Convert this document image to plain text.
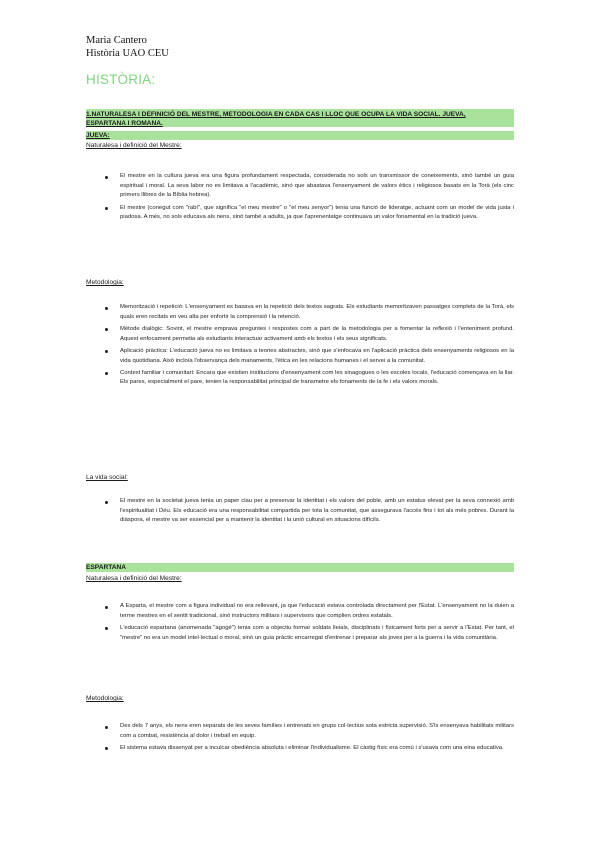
Maria Cantero
Història UAO CEU
HISTÒRIA:
1.NATURALESA I DEFINICIÓ DEL MESTRE, METODOLOGIA EN CADA CAS I LLOC QUE OCUPA LA VIDA SOCIAL. JUEVA,
ESPARTANA I ROMANA.
JUEVA:
Naturalesa i definició del Mestre:
El mestre en la cultura jueva era una figura profundament respectada, considerada no sols un transmissor de coneixements, sinó també un guia espiritual i moral. La seva labor no es limitava a l'acadèmic, sinó que abastava l'ensenyament de valors ètics i religiosos basats en la Torà (els cinc primers llibres de la Bíblia hebrea).
El mestre (conegut com "rabí", que significa "el meu mestre" o "el meu senyor") tenia una funció de lideratge, actuant com un model de vida justa i piadosa. A més, no sols educava als nens, sinó també a adults, ja que l'aprenentatge continuava un valor fonamental en la tradició jueva.
Metodologia:
Memorització i repetició: L'ensenyament es basava en la repetició dels textos sagrats. Els estudiants memoritzaven passatges complets de la Torà, els quals eren recitats en veu alta per enfortir la comprensió i la retenció.
Mètode dialògic: Sovint, el mestre emprava preguntes i respostes com a part de la metodologia per a fomentar la reflexió i l'enteniment profund. Aquest enfocament permetia als estudiants interactuar activament amb els textos i els seus significats.
Aplicació pràctica: L'educació jueva no es limitava a teories abstractes, sinó que s'enfocava en l'aplicació pràctica dels ensenyaments religiosos en la vida quotidiana. Això incloïa l'observança dels manaments, l'ètica en les relacions humanes i el servei a la comunitat.
Context familiar i comunitari: Encara que existien institucions d'ensenyament com les sinagogues o les escoles locals, l'educació començava en la llar. Els pares, especialment el pare, tenien la responsabilitat principal de transmetre els fonaments de la fe i els valors morals.
La vida social:
El mestre en la societat jueva tenia un paper clau per a preservar la identitat i els valors del poble, amb un estatus elevat per la seva connexió amb l'espiritualitat i Déu. Els educació era una responsabilitat compartida per tota la comunitat, que assegurava l'accés fins i tot als més pobres. Durant la diàspora, el mestre va ser essencial per a mantenir la identitat i la unió cultural en situacions difícils.
ESPARTANA
Naturalesa i definició del Mestre:
A Esparta, el mestre com a figura individual no era rellevant, ja que l'educació estava controlada directament per l'Estat. L'ensenyament no la duien a terme mestres en el sentit tradicional, sinó instructors militars i supervisors que complien ordres estatals.
L'educació espartana (anomenada "agogé") tenia com a objectiu formar soldats lleials, disciplinats i físicament forts per a servir a l'Estat. Per tant, el "mestre" no era un model intel·lectual o moral, sinó un guia pràctic encarregat d'entrenar i preparar als joves per a la guerra i la vida comunitària.
Metodologia:
Des dels 7 anys, els nens eren separats de les seves famílies i entrenats en grups col·lectius sota estricta supervisió. S'ls ensenyava habilitats militars com a combat, resistència al dolor i treball en equip.
El sistema estava dissenyat per a inculcar obediència absoluta i eliminar l'individualisme. El càstig físic era comú i s'usava com una eina educativa.
